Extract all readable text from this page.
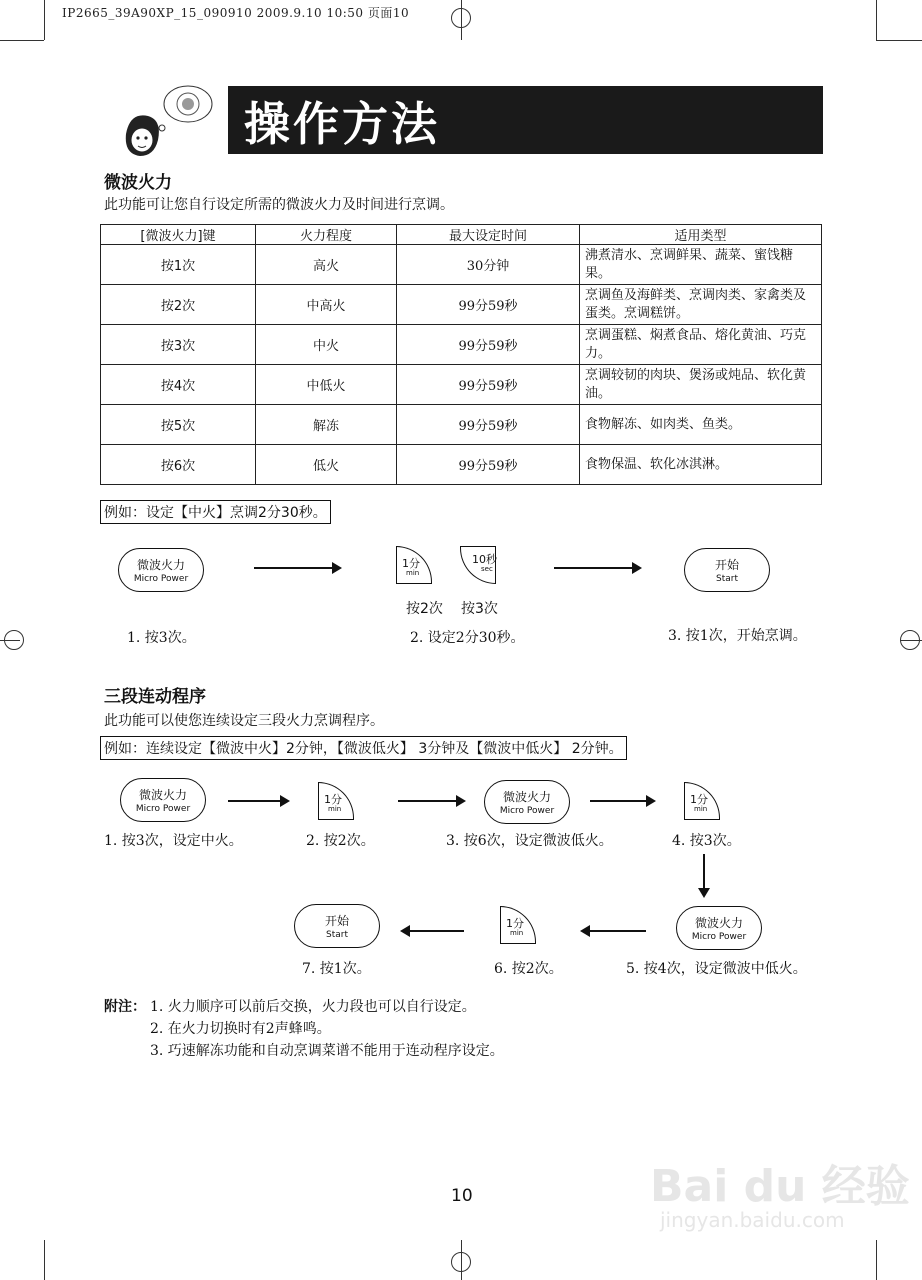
IP2665_39A90XP_15_090910 2009.9.10 10:50 页面10
操作方法
微波火力
此功能可让您自行设定所需的微波火力及时间进行烹调。
[微波火力]键	火力程度	最大设定时间	适用类型
按1次	高火	30分钟	沸煮清水、烹调鲜果、蔬菜、蜜饯糖果。
按2次	中高火	99分59秒	烹调鱼及海鲜类、烹调肉类、家禽类及蛋类。烹调糕饼。
按3次	中火	99分59秒	烹调蛋糕、焖煮食品、熔化黄油、巧克力。
按4次	中低火	99分59秒	烹调较韧的肉块、煲汤或炖品、软化黄油。
按5次	解冻	99分59秒	食物解冻、如肉类、鱼类。
按6次	低火	99分59秒	食物保温、软化冰淇淋。
例如：设定【中火】烹调2分30秒。
微波火力
Micro Power
1分
min
10秒
sec
按2次 按3次
开始
Start
1. 按3次。	2. 设定2分30秒。	3. 按1次，开始烹调。
三段连动程序
此功能可以使您连续设定三段火力烹调程序。
例如：连续设定【微波中火】2分钟，【微波低火】 3分钟及【微波中低火】 2分钟。
微波火力
Micro Power
1分
min
微波火力
Micro Power
1分
min
1. 按3次，设定中火。	2. 按2次。	3. 按6次，设定微波低火。	4. 按3次。
开始
Start
1分
min
微波火力
Micro Power
7. 按1次。	6. 按2次。	5. 按4次，设定微波中低火。
附注： 1. 火力顺序可以前后交换，火力段也可以自行设定。
2. 在火力切换时有2声蜂鸣。
3. 巧速解冻功能和自动烹调菜谱不能用于连动程序设定。
10	Bai du 经验
jingyan.baidu.com
